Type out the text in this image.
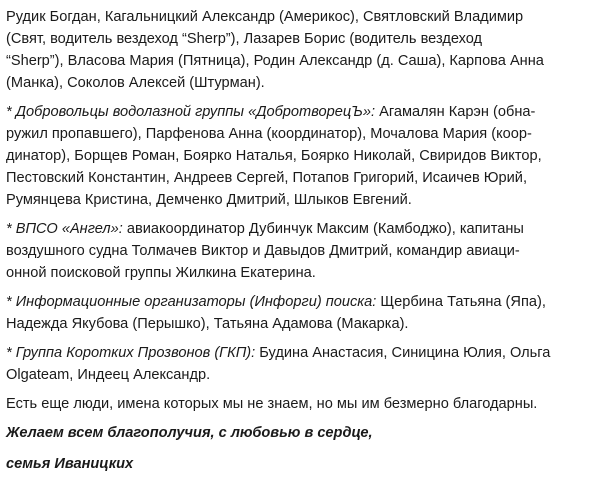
Рудик Богдан, Кагальницкий Александр (Америкос), Святловский Владимир
(Свят, водитель вездеход “Sherp”), Лазарев Борис (водитель вездеход
“Sherp”), Власова Мария (Пятница), Родин Александр (д. Саша), Карпова Анна
(Манка), Соколов Алексей (Штурман).

* Добровольцы водолазной группы «ДобротворецЪ»: Агамалян Карэн (обна-
ружил пропавшего), Парфенова Анна (координатор), Мочалова Мария (коор-
динатор), Борщев Роман, Боярко Наталья, Боярко Николай, Свиридов Виктор,
Пестовский Константин, Андреев Сергей, Потапов Григорий, Исаичев Юрий,
Румянцева Кристина, Демченко Дмитрий, Шлыков Евгений.

* ВПСО «Ангел»: авиакоординатор Дубинчук Максим (Камбоджо), капитаны
воздушного судна Толмачев Виктор и Давыдов Дмитрий, командир авиаци-
онной поисковой группы Жилкина Екатерина.

* Информационные организаторы (Инфорги) поиска: Щербина Татьяна (Япа),
Надежда Якубова (Перышко), Татьяна Адамова (Макарка).

* Группа Коротких Прозвонов (ГКП): Будина Анастасия, Синицина Юлия, Ольга
Olgateam, Индеец Александр.

Есть еще люди, имена которых мы не знаем, но мы им безмерно благодарны.

Желаем всем благополучия, с любовью в сердце,

семья Иваницких
